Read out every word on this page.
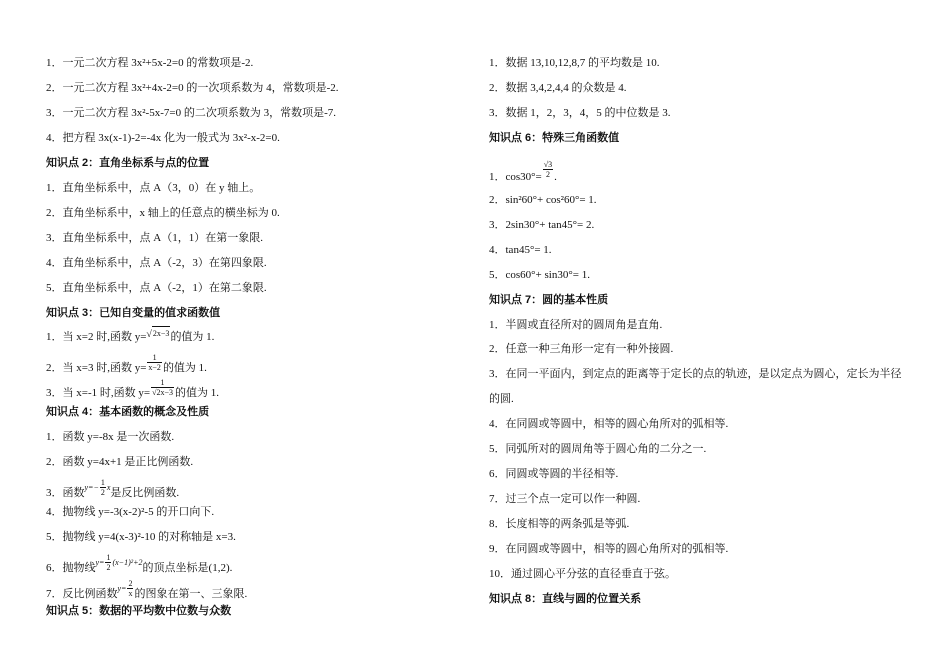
1．一元二次方程 3x²+5x-2=0 的常数项是-2.
2．一元二次方程 3x²+4x-2=0 的一次项系数为 4，常数项是-2.
3．一元二次方程 3x²-5x-7=0 的二次项系数为 3，常数项是-7.
4．把方程 3x(x-1)-2=-4x 化为一般式为 3x²-x-2=0.
知识点 2：直角坐标系与点的位置
1．直角坐标系中，点 A（3，0）在 y 轴上。
2．直角坐标系中，x 轴上的任意点的横坐标为 0.
3．直角坐标系中，点 A（1，1）在第一象限.
4．直角坐标系中，点 A（-2，3）在第四象限.
5．直角坐标系中，点 A（-2，1）在第二象限.
知识点 3：已知自变量的值求函数值
1．当 x=2 时,函数 y=√2x−3的值为 1.
2．当 x=3 时,函数 $y= \frac{1}{x-2}$ 的值为 1.
3．当 x=-1 时,函数 $y= \frac{1}{√2x-3}$ 的值为 1.
知识点 4：基本函数的概念及性质
1．函数 y=-8x 是一次函数.
2．函数 y=4x+1 是正比例函数.
3．函数$^{y=-} \frac{1}{2} ^x$是反比例函数.
4．抛物线 y=-3(x-2)²-5 的开口向下.
5．抛物线 y=4(x-3)²-10 的对称轴是 x=3.
6．抛物线$^{y=} \frac{1}{2} ^{(x-1)^2+2}$的顶点坐标是(1,2).
7．反比例函数$^{y=} \frac{2}{x}$ 的图象在第一、三象限.
知识点 5：数据的平均数中位数与众数
1．数据 13,10,12,8,7 的平均数是 10.
2．数据 3,4,2,4,4 的众数是 4.
3．数据 1，2，3，4，5 的中位数是 3.
知识点 6：特殊三角函数值
1．$\cos 30^\circ= \frac{√3}{2}$ .
2．sin²60°+ cos²60°= 1.
3．2sin30°+ tan45°= 2.
4．tan45°= 1.
5．cos60°+ sin30°= 1.
知识点 7：圆的基本性质
1．半圆或直径所对的圆周角是直角.
2．任意一种三角形一定有一种外接圆.
3．在同一平面内，到定点的距离等于定长的点的轨迹，是以定点为圆心，定长为半径
的圆.
4．在同圆或等圆中，相等的圆心角所对的弧相等.
5．同弧所对的圆周角等于圆心角的二分之一.
6．同圆或等圆的半径相等.
7．过三个点一定可以作一种圆.
8．长度相等的两条弧是等弧.
9．在同圆或等圆中，相等的圆心角所对的弧相等.
10．通过圆心平分弦的直径垂直于弦。
知识点 8：直线与圆的位置关系
